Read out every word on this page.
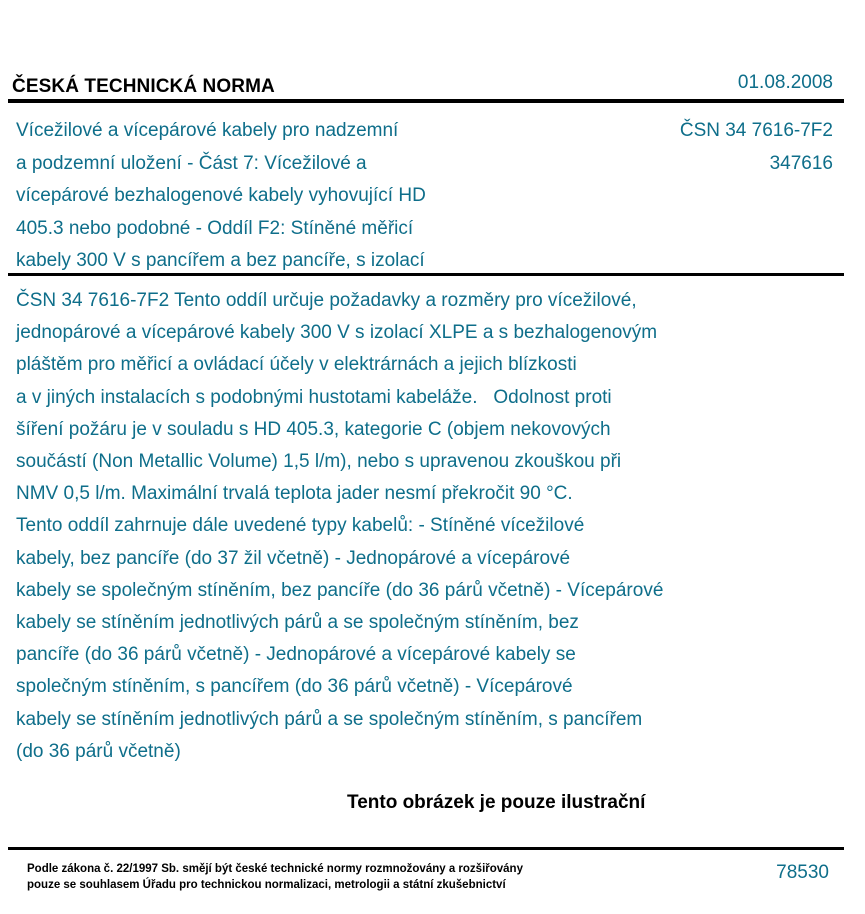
ČESKÁ TECHNICKÁ NORMA	01.08.2008
Vícežilové a vícepárové kabely pro nadzemní
a podzemní uložení - Část 7: Vícežilové a
vícepárové bezhalogenové kabely vyhovující HD
405.3 nebo podobné - Oddíl F2: Stíněné měřicí
kabely 300 V s pancířem a bez pancíře, s izolací
ČSN 34 7616-7F2
347616
ČSN 34 7616-7F2 Tento oddíl určuje požadavky a rozměry pro vícežilové,
jednopárové a vícepárové kabely 300 V s izolací XLPE a s bezhalogenovým
pláštěm pro měřicí a ovládací účely v elektrárnách a jejich blízkosti
a v jiných instalacích s podobnými hustotami kabeláže.   Odolnost proti
šíření požáru je v souladu s HD 405.3, kategorie C (objem nekovových
součástí (Non Metallic Volume) 1,5 l/m), nebo s upravenou zkouškou při
NMV 0,5 l/m. Maximální trvalá teplota jader nesmí překročit 90 °C.
Tento oddíl zahrnuje dále uvedené typy kabelů: - Stíněné vícežilové
kabely, bez pancíře (do 37 žil včetně) - Jednopárové a vícepárové
kabely se společným stíněním, bez pancíře (do 36 párů včetně) - Vícepárové
kabely se stíněním jednotlivých párů a se společným stíněním, bez
pancíře (do 36 párů včetně) - Jednopárové a vícepárové kabely se
společným stíněním, s pancířem (do 36 párů včetně) - Vícepárové
kabely se stíněním jednotlivých párů a se společným stíněním, s pancířem
(do 36 párů včetně)
Tento obrázek je pouze ilustrační
Podle zákona č. 22/1997 Sb. smějí být české technické normy rozmnožovány a rozšiřovány
pouze se souhlasem Úřadu pro technickou normalizaci, metrologii a státní zkušebnictví
78530
